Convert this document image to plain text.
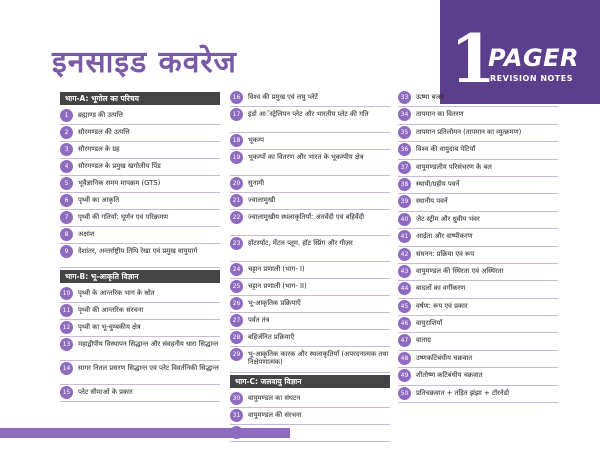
इनसाइड कवरेज	1
PAGER
REVISION NOTES
भाग-A: भूगोल का परिचय
1	ब्रह्माण्ड की उत्पत्ति
2	सौरमण्डल की उत्पत्ति
3	सौरमण्डल के ग्रह
4	सौरमण्डल के प्रमुख खगोलीय पिंड
5	भूवैज्ञानिक समय मापक्रम (GTS)
6	पृथ्वी का आकृति
7	पृथ्वी की गतियाँ: घूर्णन एवं परिक्रमण
8	अक्षांश
9	देशांतर, अन्तर्राष्ट्रीय तिथि रेखा एवं प्रमुख वायुमार्ग
भाग-B: भू-आकृति विज्ञान
10	पृथ्वी के आन्तरिक भाग के स्रोत
11	पृथ्वी की आन्तरिक संरचना
12	पृथ्वी का भू-चुम्बकीय क्षेत्र
13	महाद्वीपीय विस्थापन सिद्धान्त और संवहनीय धारा सिद्धान्त
14	सागर नितल प्रसरण सिद्धान्त एवं प्लेट विवर्तनिकी सिद्धान्त
15	प्लेट सीमाओं के प्रकार
16	विश्व की प्रमुख एवं लघु प्लेटें
17	इंडो आॅस्ट्रेलियन प्लेट और भारतीय प्लेट की गति
18	भूकम्प
19	भूकम्पों का वितरण और भारत के भूकम्पीय क्षेत्र
20	सुनामी
21	ज्वालामुखी
22	ज्वालामुखीय स्थलाकृतियाँ: अंतर्वेदी एवं बहिर्वेदी
23	हॉटस्पॉट, मेंटल प्लूम, हॉट स्प्रिंग और गीज़र
24	चट्टान प्रणाली (भाग- I)
25	चट्टान प्रणाली (भाग- II)
26	भू-आकृतिक प्रक्रियाएँ
27	पर्वत तंत्र
28	बहिर्जनित प्रक्रियाएँ
29	भू-आकृतिक कारक और स्थलाकृतियाँ (अपरदनात्मक तथा निक्षेपणात्मक)
भाग-C: जलवायु विज्ञान
30	वायुमण्डल का संघटन
31	वायुमण्डल की संरचना
33	ऊष्मा बजट
34	तापमान का वितरण
35	तापमान प्रतिलोमन (तापमान का व्युत्क्रमण)
36	विश्व की वायुदाब पेटियाँ
37	वायुमण्डलीय परिसंचरण के बल
38	स्थायी/ग्रहीय पवनें
39	स्थानीय पवनें
40	जेट स्ट्रीम और ध्रुवीय भंवर
41	आर्द्रता और वाष्पीकरण
42	संघनन: प्रक्रिया एवं रूप
43	वायुमण्डल की स्थिरता एवं अस्थिरता
44	बादलों का वर्गीकरण
45	वर्षण: रूप एवं प्रकार
46	वायुराशियाँ
47	वाताग्र
48	उष्णकटिबंधीय चक्रवात
49	शीतोष्ण कटिबंधीय चक्रवात
50	प्रतिचक्रवात + तड़ित झंझा + टॉरनेडो
